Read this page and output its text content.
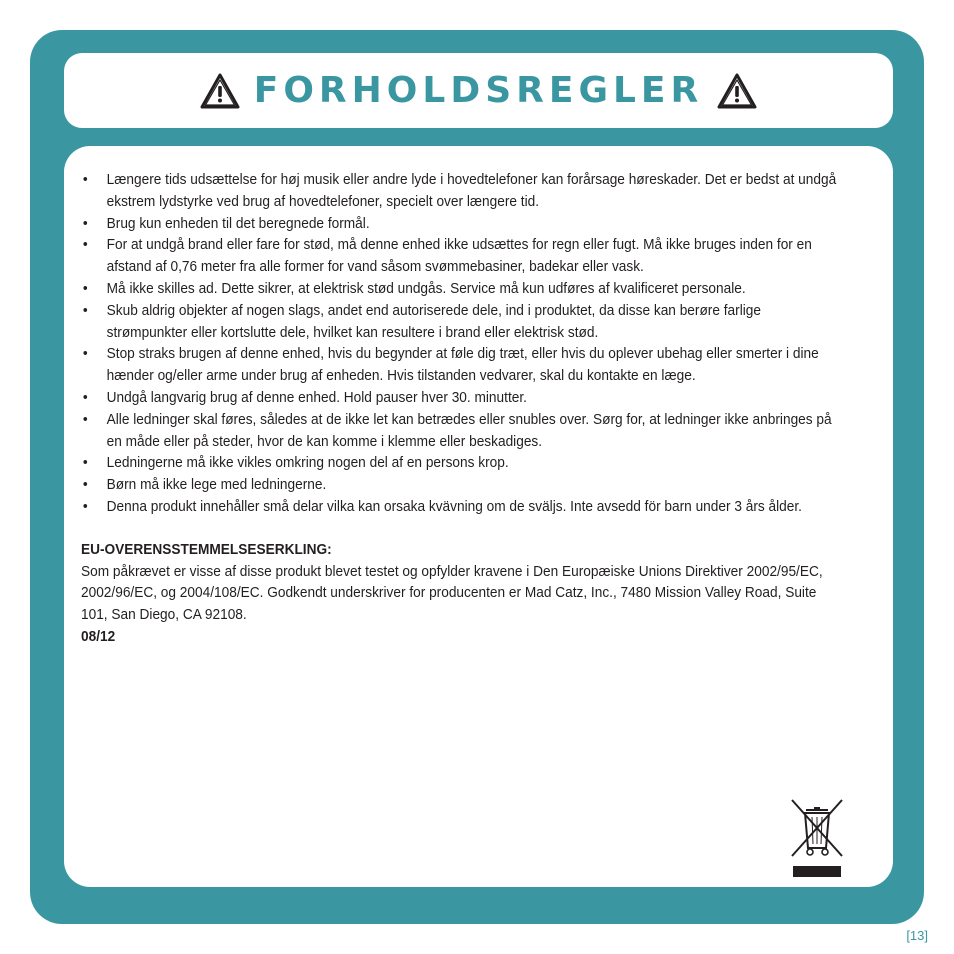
FORHOLDSREGLER
• Længere tids udsættelse for høj musik eller andre lyde i hovedtelefoner kan forårsage høreskader. Det er bedst at undgå ekstrem lydstyrke ved brug af hovedtelefoner, specielt over længere tid.
• Brug kun enheden til det beregnede formål.
• For at undgå brand eller fare for stød, må denne enhed ikke udsættes for regn eller fugt. Må ikke bruges inden for en afstand af 0,76 meter fra alle former for vand såsom svømmebasiner, badekar eller vask.
• Må ikke skilles ad. Dette sikrer, at elektrisk stød undgås. Service må kun udføres af kvalificeret personale.
• Skub aldrig objekter af nogen slags, andet end autoriserede dele, ind i produktet, da disse kan berøre farlige strømpunkter eller kortslutte dele, hvilket kan resultere i brand eller elektrisk stød.
• Stop straks brugen af denne enhed, hvis du begynder at føle dig træt, eller hvis du oplever ubehag eller smerter i dine hænder og/eller arme under brug af enheden. Hvis tilstanden vedvarer, skal du kontakte en læge.
• Undgå langvarig brug af denne enhed. Hold pauser hver 30. minutter.
• Alle ledninger skal føres, således at de ikke let kan betrædes eller snubles over. Sørg for, at ledninger ikke anbringes på en måde eller på steder, hvor de kan komme i klemme eller beskadiges.
• Ledningerne må ikke vikles omkring nogen del af en persons krop.
• Børn må ikke lege med ledningerne.
• Denna produkt innehåller små delar vilka kan orsaka kvävning om de sväljs. Inte avsedd för barn under 3 års ålder.
EU-OVERENSSTEMMELSESERKLING:
Som påkrævet er visse af disse produkt blevet testet og opfylder kravene i Den Europæiske Unions Direktiver 2002/95/EC, 2002/96/EC, og 2004/108/EC. Godkendt underskriver for producenten er Mad Catz, Inc., 7480 Mission Valley Road, Suite 101, San Diego, CA 92108.
08/12
[13]
